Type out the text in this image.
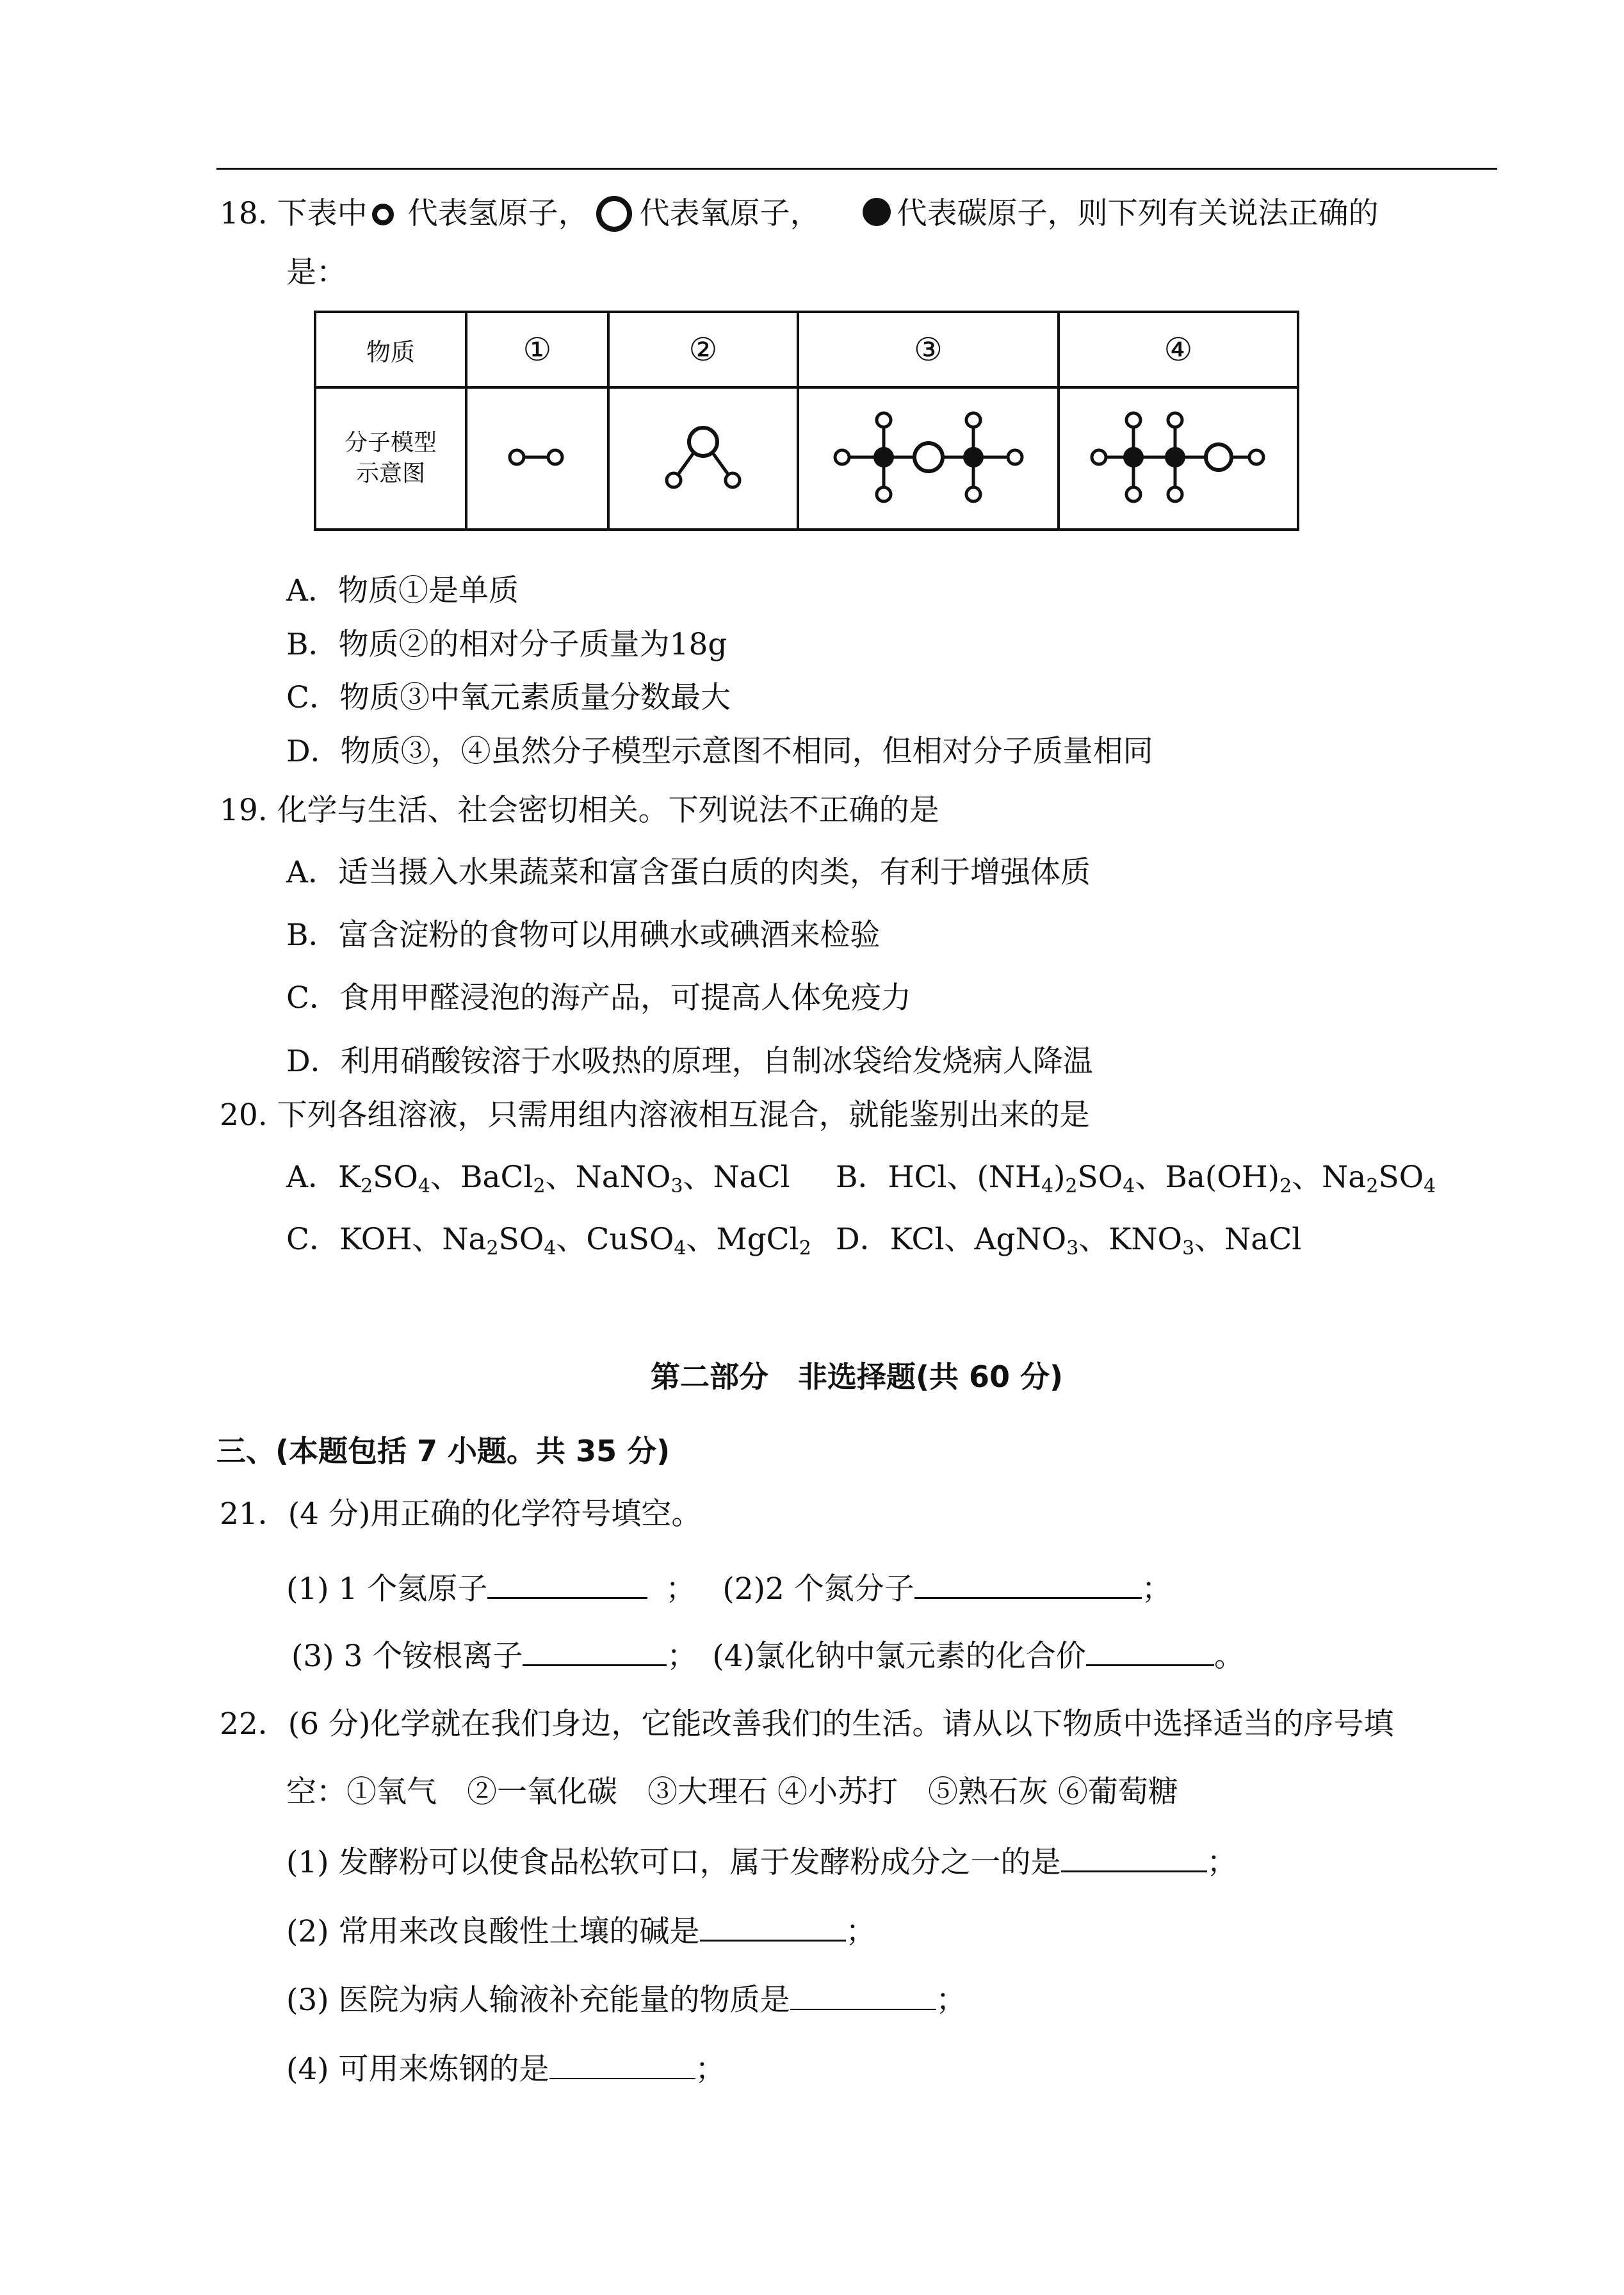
18. 下表中 代表氢原子， 代表氧原子，	代表碳原子，则下列有关说法正确的
是：
物质	①	②	③	④

分子模型
示意图

A．物质①是单质
B．物质②的相对分子质量为18g
C．物质③中氧元素质量分数最大
D．物质③，④虽然分子模型示意图不相同，但相对分子质量相同
19. 化学与生活、社会密切相关。下列说法不正确的是
A．适当摄入水果蔬菜和富含蛋白质的肉类，有利于增强体质
B．富含淀粉的食物可以用碘水或碘酒来检验
C．食用甲醛浸泡的海产品，可提高人体免疫力
D．利用硝酸铵溶于水吸热的原理，自制冰袋给发烧病人降温
20. 下列各组溶液，只需用组内溶液相互混合，就能鉴别出来的是
A．$K_2SO_4$、BaCl$_2$、NaNO$_3$、NaCl B．HCl、$(NH_4)_2SO_4$、$Ba(OH)_2$、$Na_2SO_4$
C．KOH、$Na_2SO_4$、CuSO$_4$、MgCl$_2$ D．KCl、AgNO$_3$、$KNO_3$、NaCl
第二部分　非选择题(共 60 分)
三、(本题包括 7 小题。共 35 分)
21．(4 分)用正确的化学符号填空。
(1) 1 个氦原子	； (2)2 个氮分子	；
(3) 3 个铵根离子	； (4)氯化钠中氯元素的化合价	。
22．(6 分)化学就在我们身边，它能改善我们的生活。请从以下物质中选择适当的序号填
空：①氧气　②一氧化碳　③大理石 ④小苏打　⑤熟石灰 ⑥葡萄糖
(1) 发酵粉可以使食品松软可口，属于发酵粉成分之一的是	；
(2) 常用来改良酸性土壤的碱是	；
(3) 医院为病人输液补充能量的物质是	；
(4) 可用来炼钢的是	；
